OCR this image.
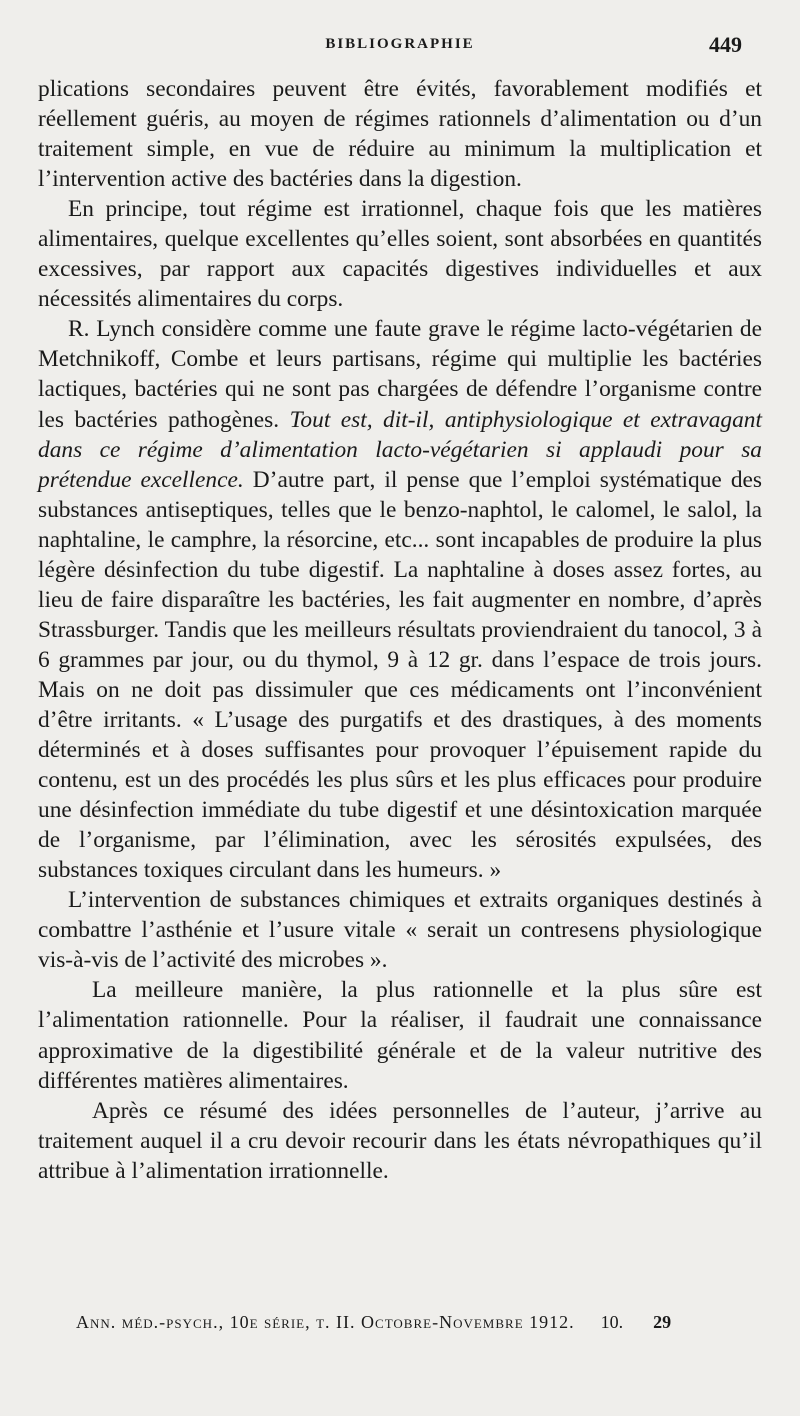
BIBLIOGRAPHIE	449

plications secondaires peuvent être évités, favorablement modifiés et réellement guéris, au moyen de régimes rationnels d’alimentation ou d’un traitement simple, en vue de réduire au minimum la multiplication et l’intervention active des bactéries dans la digestion.

En principe, tout régime est irrationnel, chaque fois que les matières alimentaires, quelque excellentes qu’elles soient, sont absorbées en quantités excessives, par rapport aux capacités digestives individuelles et aux nécessités alimentaires du corps.

R. Lynch considère comme une faute grave le régime lacto-végétarien de Metchnikoff, Combe et leurs partisans, régime qui multiplie les bactéries lactiques, bactéries qui ne sont pas chargées de défendre l’organisme contre les bactéries pathogènes. Tout est, dit-il, antiphysiologique et extravagant dans ce régime d’alimentation lacto-végétarien si applaudi pour sa prétendue excellence. D’autre part, il pense que l’emploi systématique des substances antiseptiques, telles que le benzo-naphtol, le calomel, le salol, la naphtaline, le camphre, la résorcine, etc... sont incapables de produire la plus légère désinfection du tube digestif. La naphtaline à doses assez fortes, au lieu de faire disparaître les bactéries, les fait augmenter en nombre, d’après Strassburger. Tandis que les meilleurs résultats proviendraient du tanocol, 3 à 6 grammes par jour, ou du thymol, 9 à 12 gr. dans l’espace de trois jours. Mais on ne doit pas dissimuler que ces médicaments ont l’inconvénient d’être irritants. « L’usage des purgatifs et des drastiques, à des moments déterminés et à doses suffisantes pour provoquer l’épuisement rapide du contenu, est un des procédés les plus sûrs et les plus efficaces pour produire une désinfection immédiate du tube digestif et une désintoxication marquée de l’organisme, par l’élimination, avec les sérosités expulsées, des substances toxiques circulant dans les humeurs. »

L’intervention de substances chimiques et extraits organiques destinés à combattre l’asthénie et l’usure vitale « serait un contresens physiologique vis-à-vis de l’activité des microbes ».

La meilleure manière, la plus rationnelle et la plus sûre est l’alimentation rationnelle. Pour la réaliser, il faudrait une connaissance approximative de la digestibilité générale et de la valeur nutritive des différentes matières alimentaires.

Après ce résumé des idées personnelles de l’auteur, j’arrive au traitement auquel il a cru devoir recourir dans les états névropathiques qu’il attribue à l’alimentation irrationnelle.

Ann. méd.-psych., 10e série, t. II. Octobre-Novembre 1912. 10. 29
